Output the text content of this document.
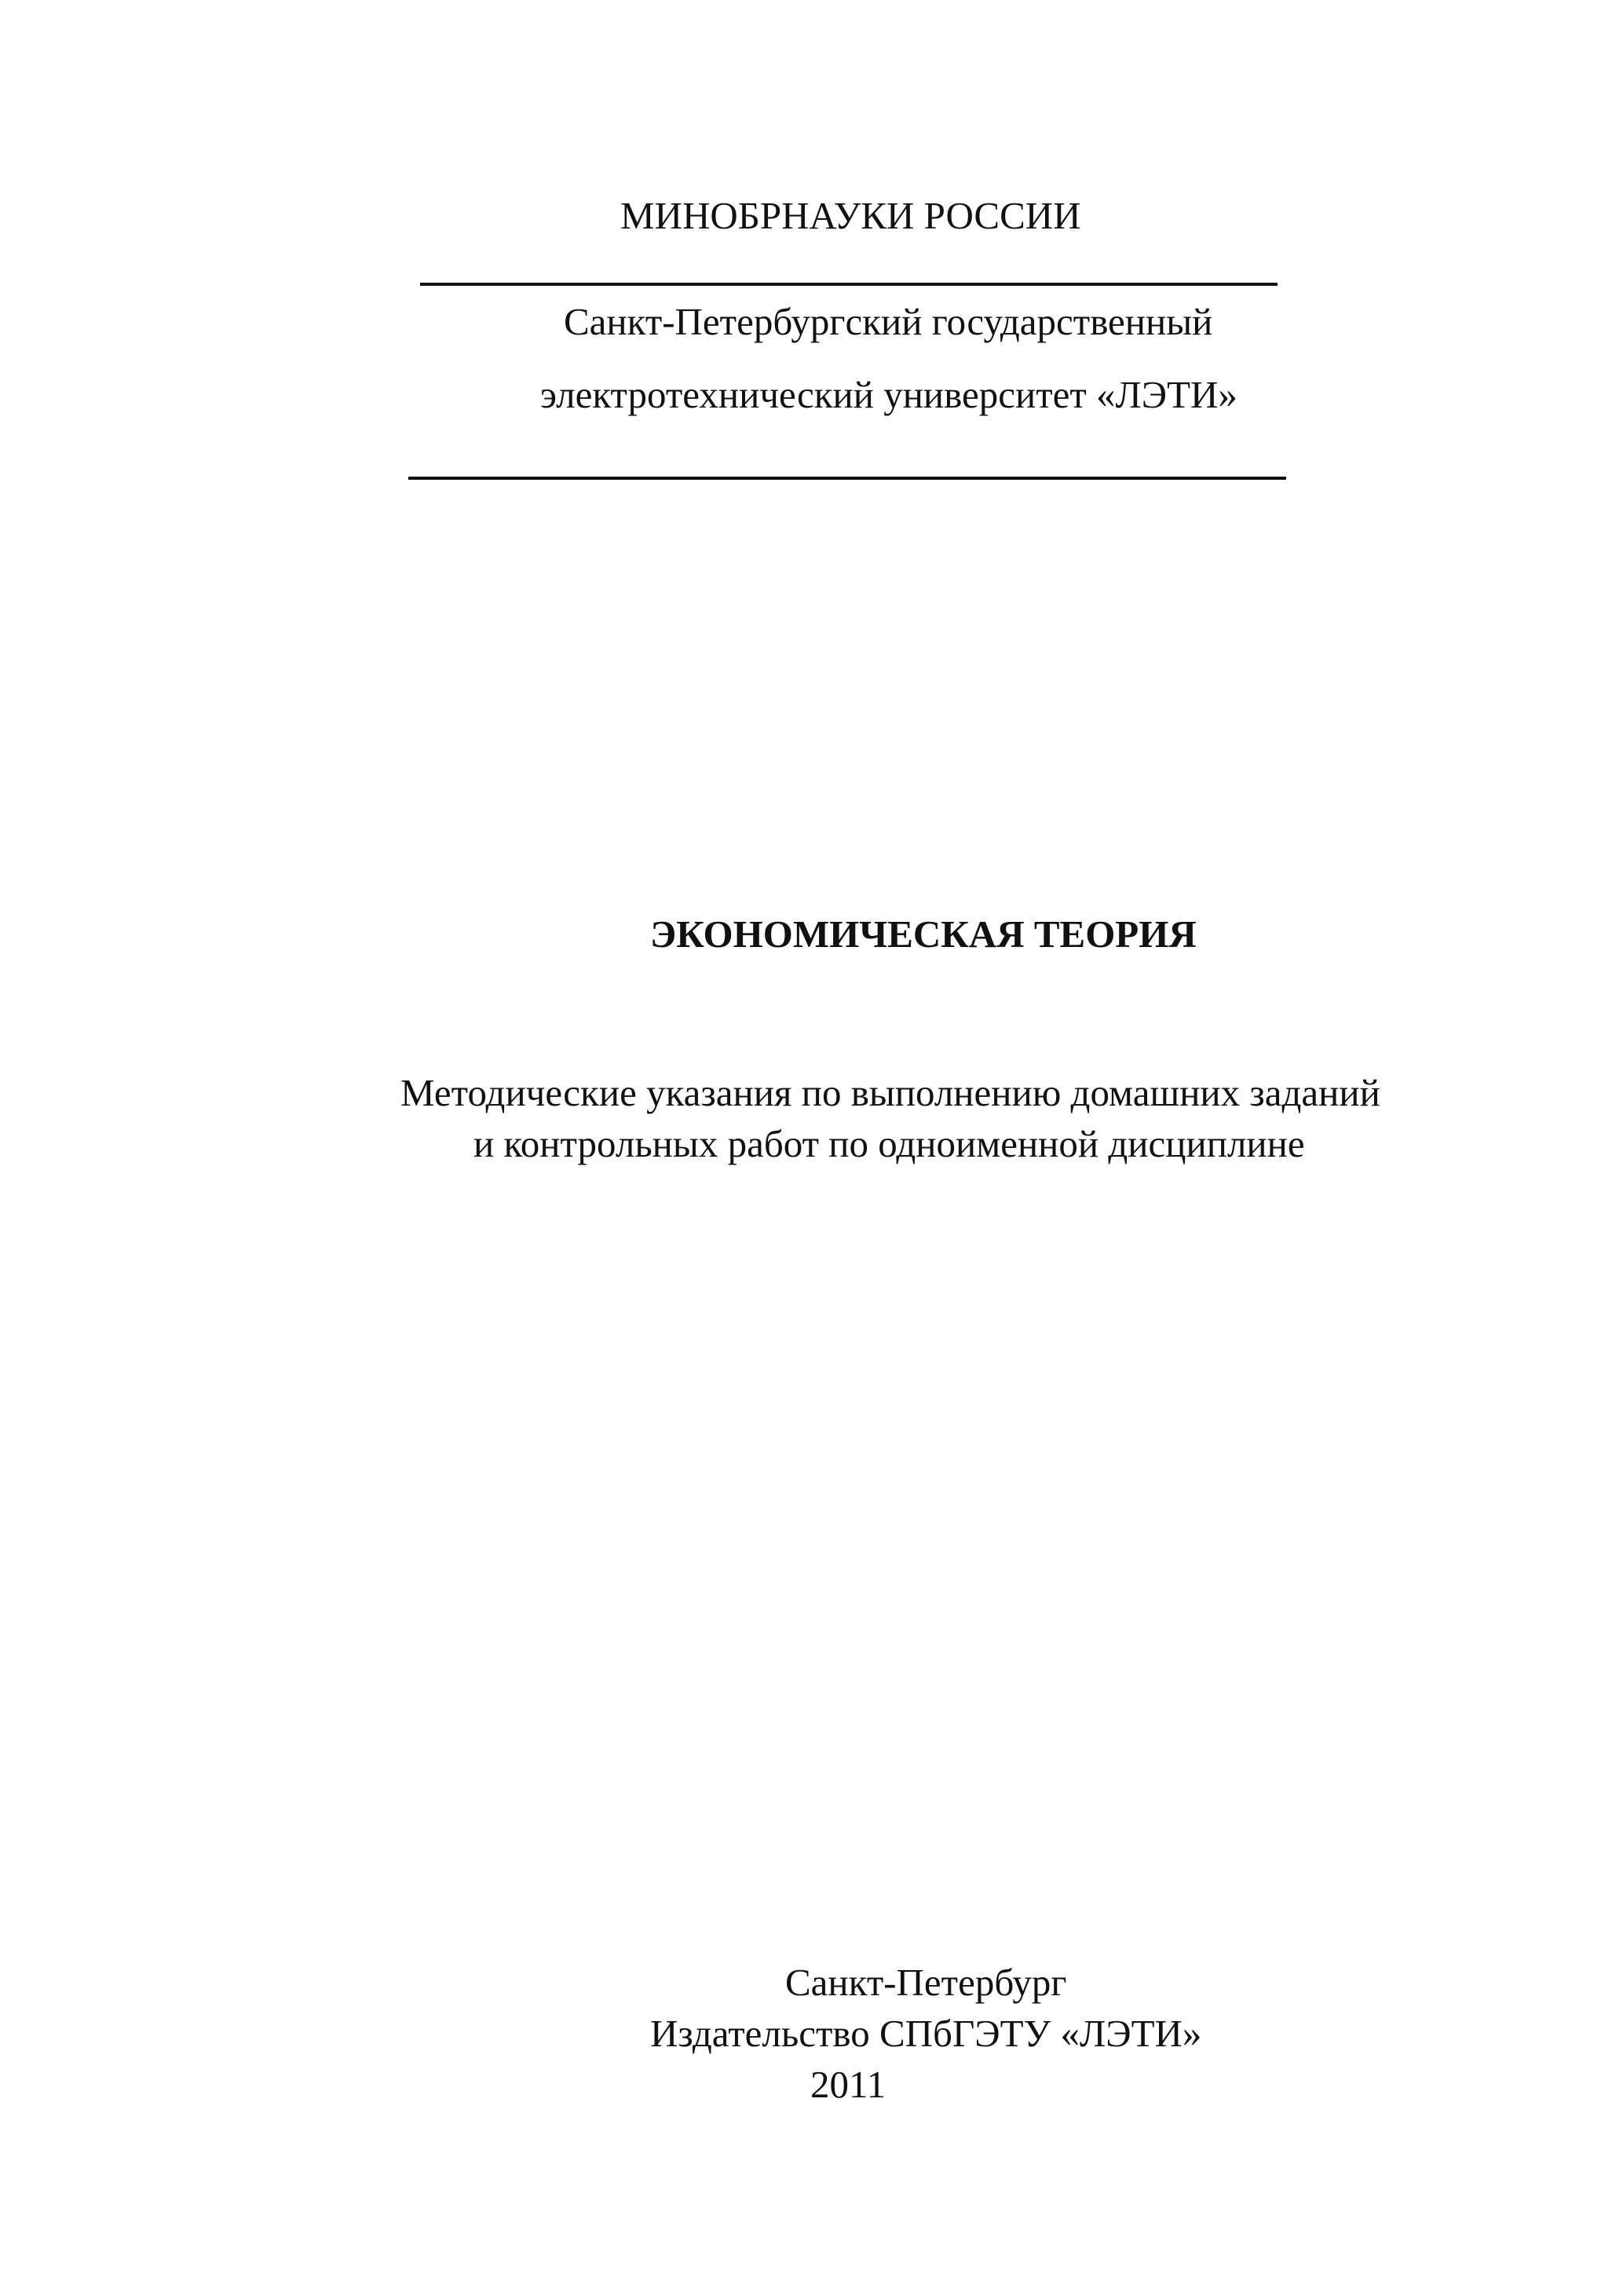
МИНОБРНАУКИ РОССИИ
Санкт-Петербургский государственный
электротехнический университет «ЛЭТИ»
ЭКОНОМИЧЕСКАЯ ТЕОРИЯ
Методические указания по выполнению домашних заданий
и контрольных работ по одноименной дисциплине
Санкт-Петербург
Издательство СПбГЭТУ «ЛЭТИ»
2011
